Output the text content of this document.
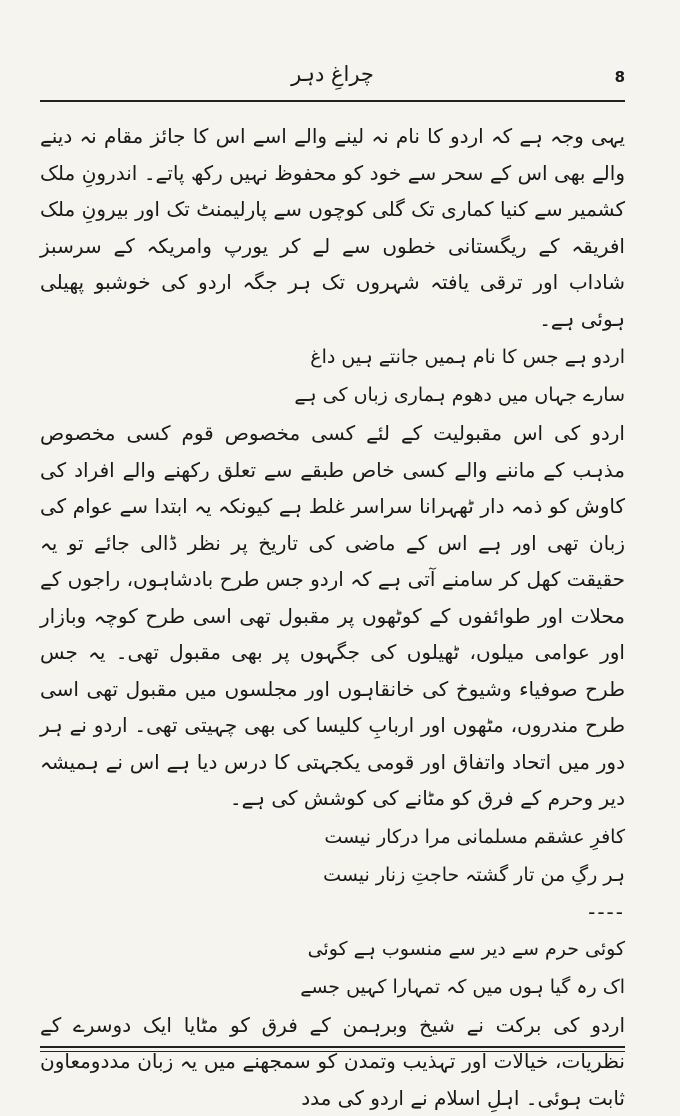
چراغِ دہر	8

یہی وجہ ہے کہ اردو کا نام نہ لینے والے اسے اس کا جائز مقام نہ دینے والے بھی اس کے سحر سے خود کو محفوظ نہیں رکھ پاتے۔ اندرونِ ملک کشمیر سے کنیا کماری تک گلی کوچوں سے پارلیمنٹ تک اور بیرونِ ملک افریقہ کے ریگستانی خطوں سے لے کر یورپ وامریکہ کے سرسبز شاداب اور ترقی یافتہ شہروں تک ہر جگہ اردو کی خوشبو پھیلی ہوئی ہے۔

اردو ہے جس کا نام ہمیں جانتے ہیں داغ

سارے جہاں میں دھوم ہماری زباں کی ہے

اردو کی اس مقبولیت کے لئے کسی مخصوص قوم کسی مخصوص مذہب کے ماننے والے کسی خاص طبقے سے تعلق رکھنے والے افراد کی کاوش کو ذمہ دار ٹھہرانا سراسر غلط ہے کیونکہ یہ ابتدا سے عوام کی زبان تھی اور ہے اس کے ماضی کی تاریخ پر نظر ڈالی جائے تو یہ حقیقت کھل کر سامنے آتی ہے کہ اردو جس طرح بادشاہوں، راجوں کے محلات اور طوائفوں کے کوٹھوں پر مقبول تھی اسی طرح کوچہ وبازار اور عوامی میلوں، ٹھیلوں کی جگہوں پر بھی مقبول تھی۔ یہ جس طرح صوفیاء وشیوخ کی خانقاہوں اور مجلسوں میں مقبول تھی اسی طرح مندروں، مٹھوں اور اربابِ کلیسا کی بھی چہیتی تھی۔ اردو نے ہر دور میں اتحاد واتفاق اور قومی یکجہتی کا درس دیا ہے اس نے ہمیشہ دیر وحرم کے فرق کو مٹانے کی کوشش کی ہے۔

کافرِ عشقم مسلمانی مرا درکار نیست

ہر رگِ من تار گشتہ حاجتِ زنار نیست

----

کوئی حرم سے دیر سے منسوب ہے کوئی

اک رہ گیا ہوں میں کہ تمہارا کہیں جسے

اردو کی برکت نے شیخ وبرہمن کے فرق کو مٹایا ایک دوسرے کے نظریات، خیالات اور تہذیب وتمدن کو سمجھنے میں یہ زبان مددومعاون ثابت ہوئی۔ اہلِ اسلام نے اردو کی مدد
